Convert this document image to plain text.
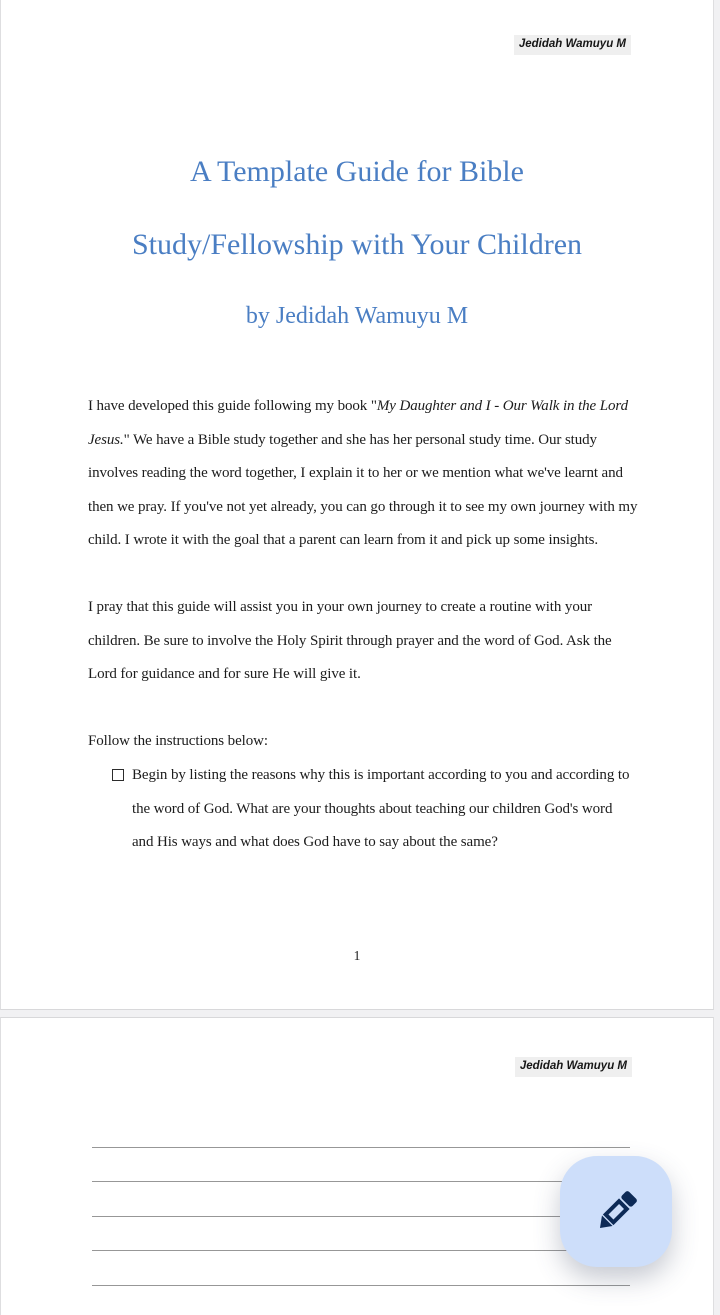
Jedidah Wamuyu M
A Template Guide for Bible
Study/Fellowship with Your Children
by Jedidah Wamuyu M

I have developed this guide following my book "My Daughter and I - Our Walk in the Lord Jesus." We have a Bible study together and she has her personal study time. Our study involves reading the word together, I explain it to her or we mention what we've learnt and then we pray. If you've not yet already, you can go through it to see my own journey with my child. I wrote it with the goal that a parent can learn from it and pick up some insights.

I pray that this guide will assist you in your own journey to create a routine with your children. Be sure to involve the Holy Spirit through prayer and the word of God. Ask the Lord for guidance and for sure He will give it.

Follow the instructions below:

Begin by listing the reasons why this is important according to you and according to the word of God. What are your thoughts about teaching our children God's word and His ways and what does God have to say about the same?
1
Jedidah Wamuyu M
